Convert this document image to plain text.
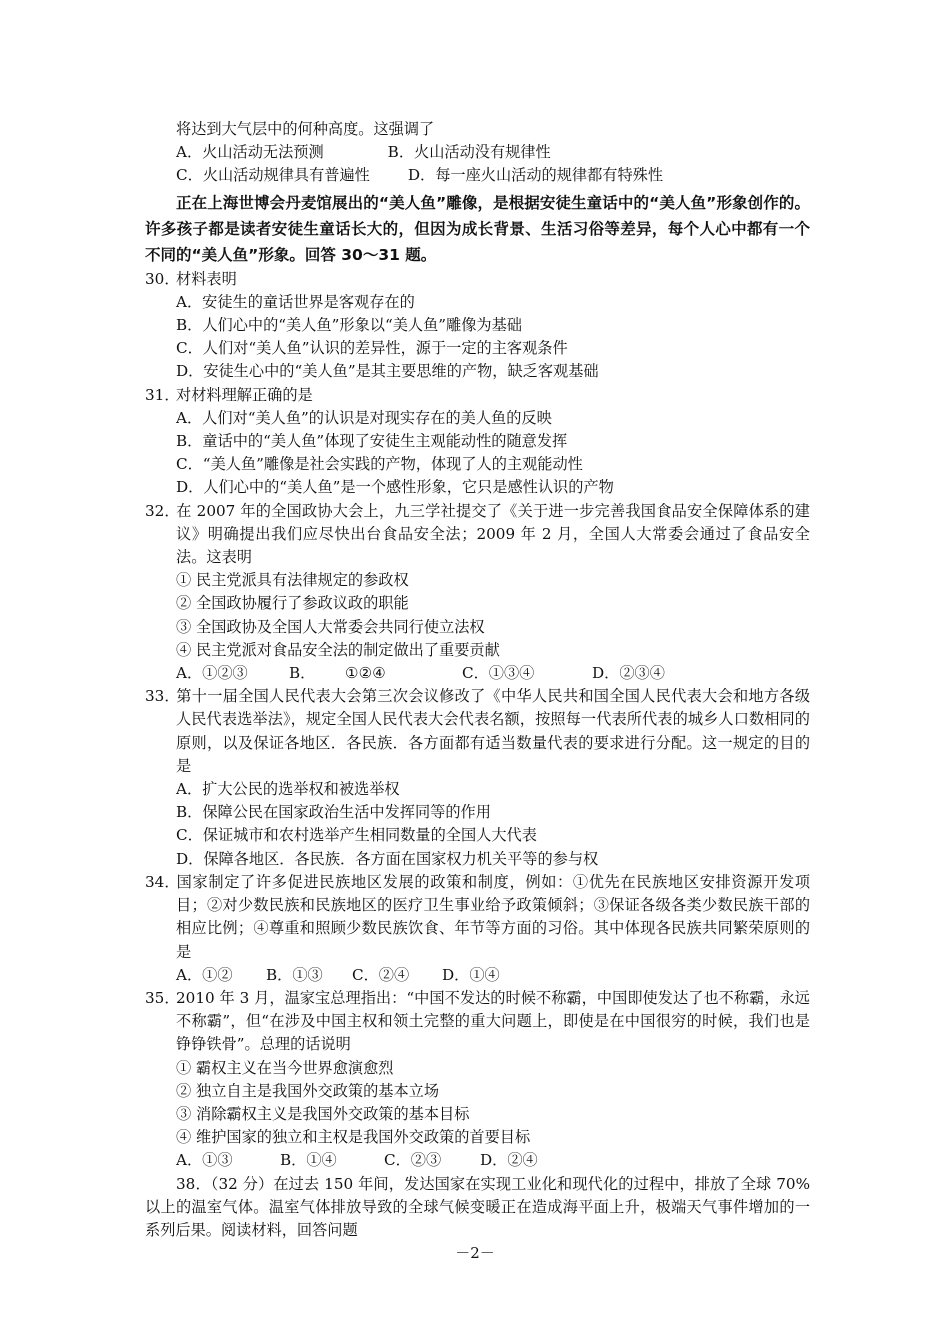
将达到大气层中的何种高度。这强调了
A．火山活动无法预测	B．火山活动没有规律性
C．火山活动规律具有普遍性	D．每一座火山活动的规律都有特殊性
正在上海世博会丹麦馆展出的“美人鱼”雕像，是根据安徒生童话中的“美人鱼”形象创作的。许多孩子都是读者安徒生童话长大的，但因为成长背景、生活习俗等差异，每个人心中都有一个不同的“美人鱼”形象。回答 30～31 题。
30．材料表明
A．安徒生的童话世界是客观存在的
B．人们心中的“美人鱼”形象以“美人鱼”雕像为基础
C．人们对“美人鱼”认识的差异性，源于一定的主客观条件
D．安徒生心中的“美人鱼”是其主要思维的产物，缺乏客观基础
31．对材料理解正确的是
A．人们对“美人鱼”的认识是对现实存在的美人鱼的反映
B．童话中的“美人鱼”体现了安徒生主观能动性的随意发挥
C．“美人鱼”雕像是社会实践的产物，体现了人的主观能动性
D．人们心中的“美人鱼”是一个感性形象，它只是感性认识的产物
32．在 2007 年的全国政协大会上，九三学社提交了《关于进一步完善我国食品安全保障体系的建议》明确提出我们应尽快出台食品安全法；2009 年 2 月，全国人大常委会通过了食品安全法。这表明
① 民主党派具有法律规定的参政权
② 全国政协履行了参政议政的职能
③ 全国政协及全国人大常委会共同行使立法权
④ 民主党派对食品安全法的制定做出了重要贡献
A．①②③	B． ①②④	C．①③④	D．②③④
33．第十一届全国人民代表大会第三次会议修改了《中华人民共和国全国人民代表大会和地方各级人民代表选举法》，规定全国人民代表大会代表名额，按照每一代表所代表的城乡人口数相同的原则，以及保证各地区．各民族．各方面都有适当数量代表的要求进行分配。这一规定的目的是
A．扩大公民的选举权和被选举权
B．保障公民在国家政治生活中发挥同等的作用
C．保证城市和农村选举产生相同数量的全国人大代表
D．保障各地区．各民族．各方面在国家权力机关平等的参与权
34．国家制定了许多促进民族地区发展的政策和制度，例如：①优先在民族地区安排资源开发项目；②对少数民族和民族地区的医疗卫生事业给予政策倾斜；③保证各级各类少数民族干部的相应比例；④尊重和照顾少数民族饮食、年节等方面的习俗。其中体现各民族共同繁荣原则的是
A．①② B．①③ C．②④ D．①④
35．2010 年 3 月，温家宝总理指出：“中国不发达的时候不称霸，中国即使发达了也不称霸，永远不称霸”，但“在涉及中国主权和领土完整的重大问题上，即使是在中国很穷的时候，我们也是铮铮铁骨”。总理的话说明
① 霸权主义在当今世界愈演愈烈
② 独立自主是我国外交政策的基本立场
③ 消除霸权主义是我国外交政策的基本目标
④ 维护国家的独立和主权是我国外交政策的首要目标
A．①③	B．①④	C．②③	D．②④
38．（32 分）在过去 150 年间，发达国家在实现工业化和现代化的过程中，排放了全球 70%以上的温室气体。温室气体排放导致的全球气候变暖正在造成海平面上升，极端天气事件增加的一系列后果。阅读材料，回答问题
－2－
